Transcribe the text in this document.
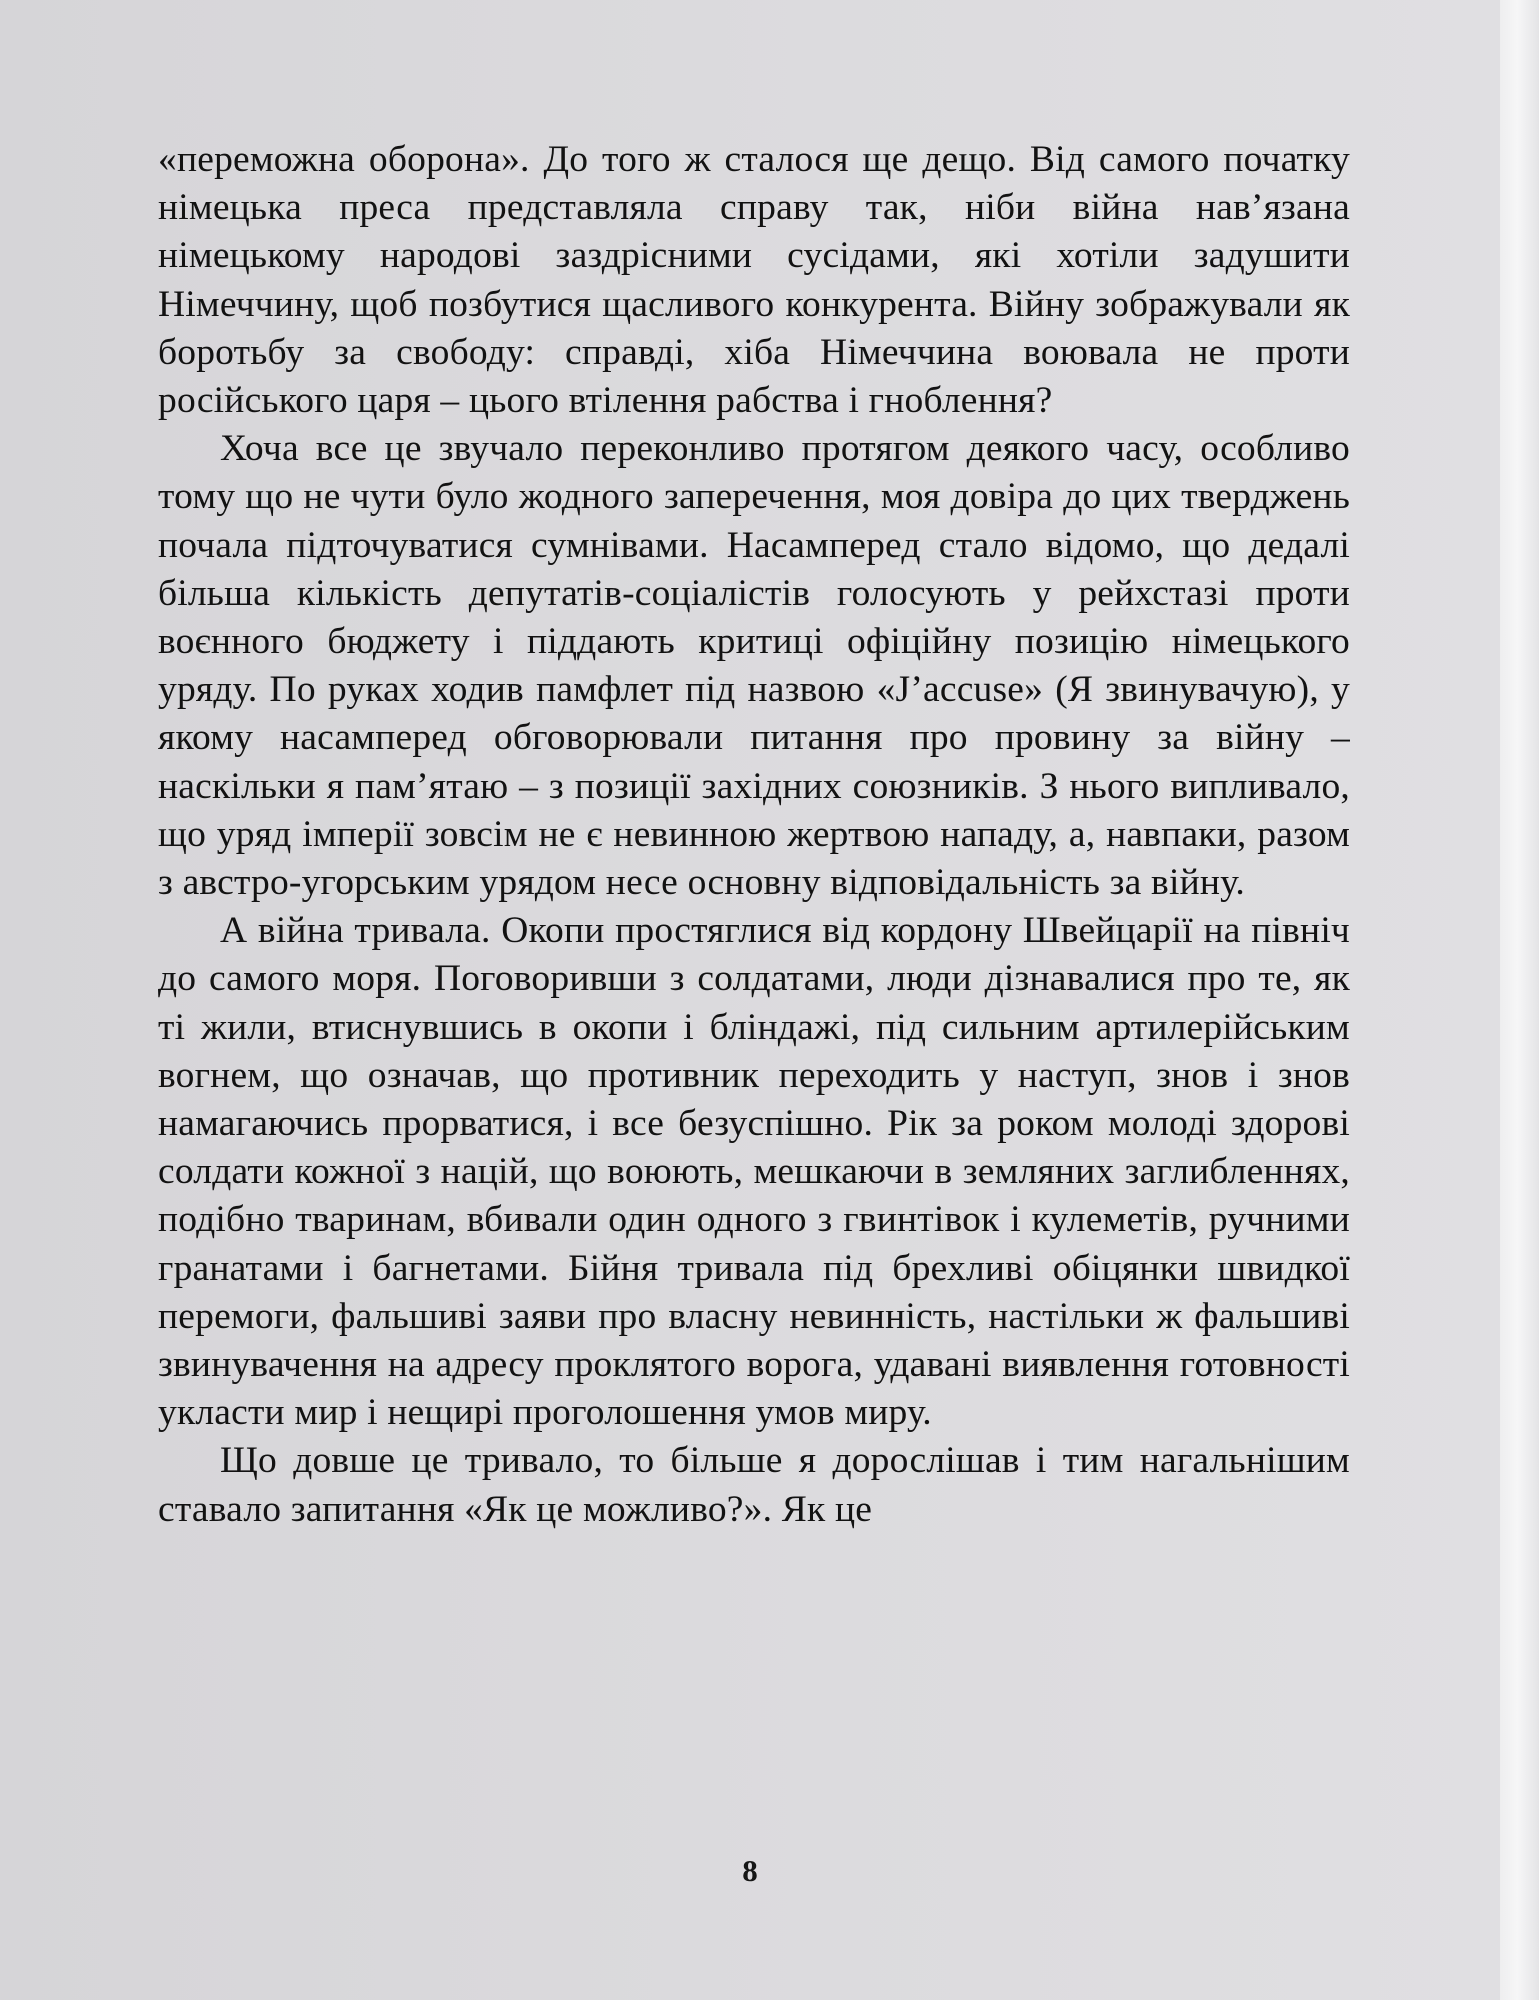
«переможна оборона». До того ж сталося ще дещо. Від самого початку німецька преса представляла справу так, ніби війна нав’язана німецькому народові заздрісними сусідами, які хотіли задушити Німеччину, щоб позбутися щасливого конкурента. Війну зображували як боротьбу за свободу: справді, хіба Німеччина воювала не проти російського царя – цього втілення рабства і гноблення?

Хоча все це звучало переконливо протягом деякого часу, особливо тому що не чути було жодного заперечення, моя довіра до цих тверджень почала підточуватися сумнівами. Насамперед стало відомо, що дедалі більша кількість депутатів-соціалістів голосують у рейхстазі проти воєнного бюджету і піддають критиці офіційну позицію німецького уряду. По руках ходив памфлет під назвою «J’accuse» (Я звинувачую), у якому насамперед обговорювали питання про провину за війну – наскільки я пам’ятаю – з позиції західних союзників. З нього випливало, що уряд імперії зовсім не є невинною жертвою нападу, а, навпаки, разом з австро-угорським урядом несе основну відповідальність за війну.

А війна тривала. Окопи простяглися від кордону Швейцарії на північ до самого моря. Поговоривши з солдатами, люди дізнавалися про те, як ті жили, втиснувшись в окопи і бліндажі, під сильним артилерійським вогнем, що означав, що противник переходить у наступ, знов і знов намагаючись прорватися, і все безуспішно. Рік за роком молоді здорові солдати кожної з націй, що воюють, мешкаючи в земляних заглибленнях, подібно тваринам, вбивали один одного з гвинтівок і кулеметів, ручними гранатами і багнетами. Бійня тривала під брехливі обіцянки швидкої перемоги, фальшиві заяви про власну невинність, настільки ж фальшиві звинувачення на адресу проклятого ворога, удавані виявлення готовності укласти мир і нещирі проголошення умов миру.

Що довше це тривало, то більше я дорослішав і тим нагальнішим ставало запитання «Як це можливо?». Як це

8
